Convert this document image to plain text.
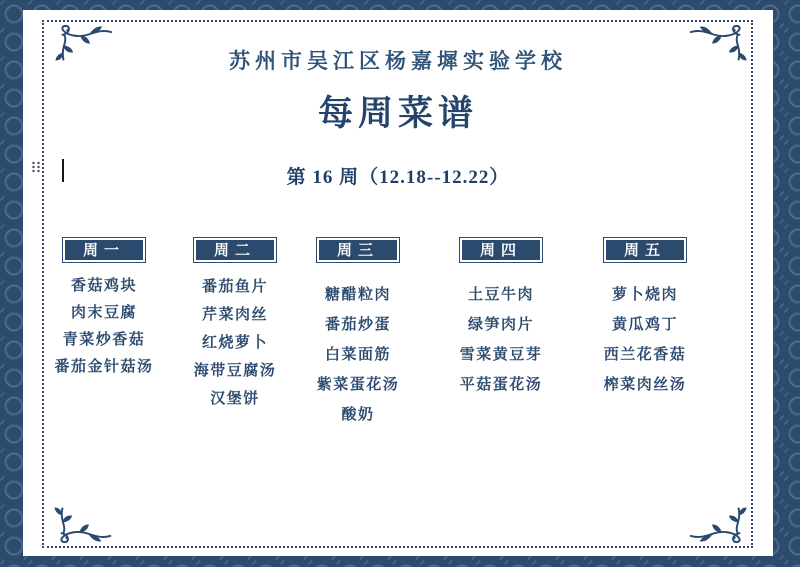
苏州市吴江区杨嘉墀实验学校
每周菜谱
第 16 周（12.18--12.22）
周一
香菇鸡块
肉末豆腐
青菜炒香菇
番茄金针菇汤
周二
番茄鱼片
芹菜肉丝
红烧萝卜
海带豆腐汤
汉堡饼
周三
糖醋粒肉
番茄炒蛋
白菜面筋
紫菜蛋花汤
酸奶
周四
土豆牛肉
绿笋肉片
雪菜黄豆芽
平菇蛋花汤
周五
萝卜烧肉
黄瓜鸡丁
西兰花香菇
榨菜肉丝汤
